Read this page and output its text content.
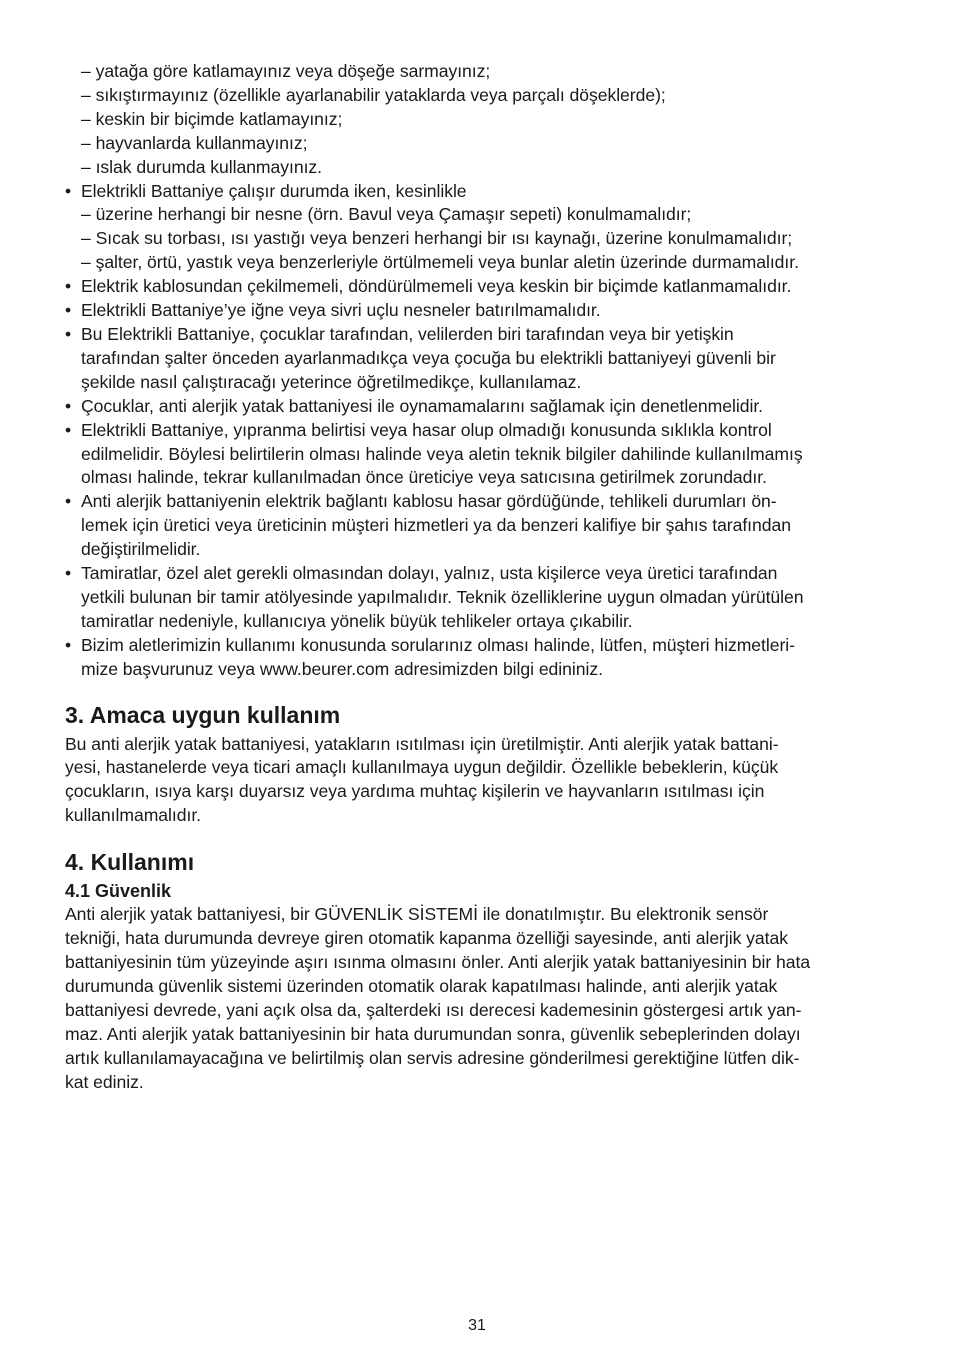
– yatağa göre katlamayınız veya döşeğe sarmayınız;
– sıkıştırmayınız (özellikle ayarlanabilir yataklarda veya parçalı döşeklerde);
– keskin bir biçimde katlamayınız;
– hayvanlarda kullanmayınız;
– ıslak durumda kullanmayınız.
• Elektrikli Battaniye çalışır durumda iken, kesinlikle
– üzerine herhangi bir nesne (örn. Bavul veya Çamaşır sepeti) konulmamalıdır;
– Sıcak su torbası, ısı yastığı veya benzeri herhangi bir ısı kaynağı, üzerine konulmamalıdır;
– şalter, örtü, yastık veya benzerleriyle örtülmemeli veya bunlar aletin üzerinde durmamalıdır.
• Elektrik kablosundan çekilmemeli, döndürülmemeli veya keskin bir biçimde katlanmamalıdır.
• Elektrikli Battaniye’ye iğne veya sivri uçlu nesneler batırılmamalıdır.
• Bu Elektrikli Battaniye, çocuklar tarafından, velilerden biri tarafından veya bir yetişkin
tarafından şalter önceden ayarlanmadıkça veya çocuğa bu elektrikli battaniyeyi güvenli bir
şekilde nasıl çalıştıracağı yeterince öğretilmedikçe, kullanılamaz.
• Çocuklar, anti alerjik yatak battaniyesi ile oynamamalarını sağlamak için denetlenmelidir.
• Elektrikli Battaniye, yıpranma belirtisi veya hasar olup olmadığı konusunda sıklıkla kontrol
edilmelidir. Böylesi belirtilerin olması halinde veya aletin teknik bilgiler dahilinde kullanılmamış
olması halinde, tekrar kullanılmadan önce üreticiye veya satıcısına getirilmek zorundadır.
• Anti alerjik battaniyenin elektrik bağlantı kablosu hasar gördüğünde, tehlikeli durumları ön-
lemek için üretici veya üreticinin müşteri hizmetleri ya da benzeri kalifiye bir şahıs tarafından
değiştirilmelidir.
• Tamiratlar, özel alet gerekli olmasından dolayı, yalnız, usta kişilerce veya üretici tarafından
yetkili bulunan bir tamir atölyesinde yapılmalıdır. Teknik özelliklerine uygun olmadan yürütülen
tamiratlar nedeniyle, kullanıcıya yönelik büyük tehlikeler ortaya çıkabilir.
• Bizim aletlerimizin kullanımı konusunda sorularınız olması halinde, lütfen, müşteri hizmetleri-
mize başvurunuz veya www.beurer.com adresimizden bilgi edininiz.
3. Amaca uygun kullanım
Bu anti alerjik yatak battaniyesi, yatakların ısıtılması için üretilmiştir. Anti alerjik yatak battani-
yesi, hastanelerde veya ticari amaçlı kullanılmaya uygun değildir. Özellikle bebeklerin, küçük
çocukların, ısıya karşı duyarsız veya yardıma muhtaç kişilerin ve hayvanların ısıtılması için
kullanılmamalıdır.
4. Kullanımı
4.1 Güvenlik
Anti alerjik yatak battaniyesi, bir GÜVENLİK SİSTEMİ ile donatılmıştır. Bu elektronik sensör
tekniği, hata durumunda devreye giren otomatik kapanma özelliği sayesinde, anti alerjik yatak
battaniyesinin tüm yüzeyinde aşırı ısınma olmasını önler. Anti alerjik yatak battaniyesinin bir hata
durumunda güvenlik sistemi üzerinden otomatik olarak kapatılması halinde, anti alerjik yatak
battaniyesi devrede, yani açık olsa da, şalterdeki ısı derecesi kademesinin göstergesi artık yan-
maz. Anti alerjik yatak battaniyesinin bir hata durumundan sonra, güvenlik sebeplerinden dolayı
artık kullanılamayacağına ve belirtilmiş olan servis adresine gönderilmesi gerektiğine lütfen dik-
kat ediniz.
31
